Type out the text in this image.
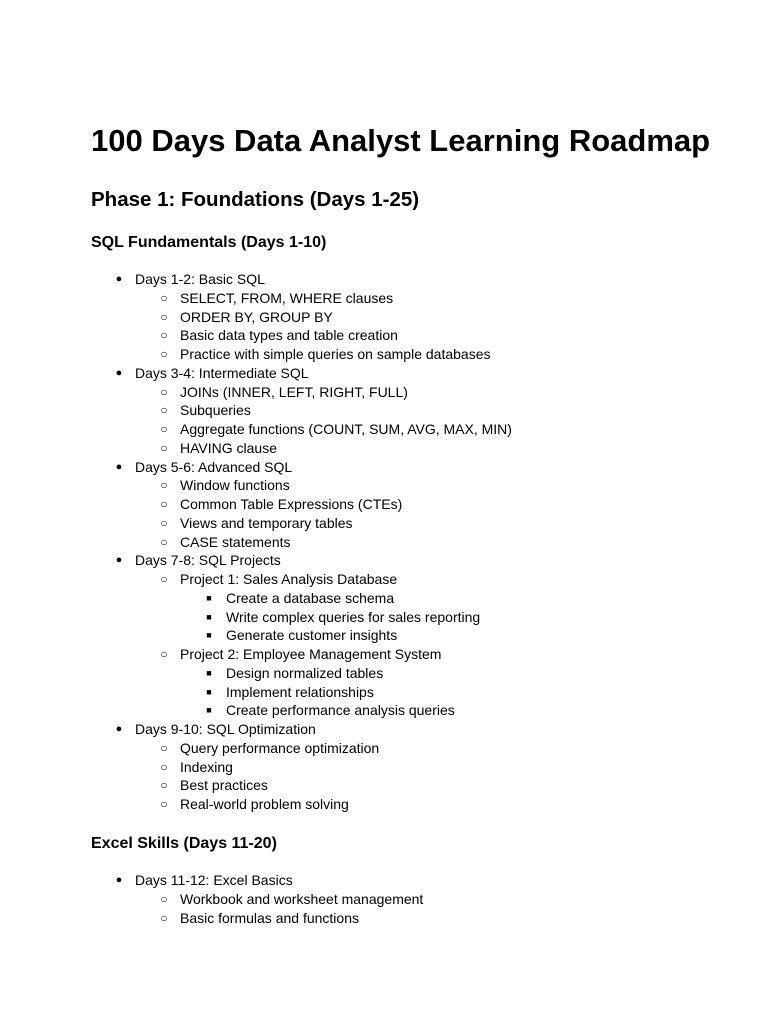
100 Days Data Analyst Learning Roadmap
Phase 1: Foundations (Days 1-25)
SQL Fundamentals (Days 1-10)
● Days 1-2: Basic SQL
○ SELECT, FROM, WHERE clauses
○ ORDER BY, GROUP BY
○ Basic data types and table creation
○ Practice with simple queries on sample databases
● Days 3-4: Intermediate SQL
○ JOINs (INNER, LEFT, RIGHT, FULL)
○ Subqueries
○ Aggregate functions (COUNT, SUM, AVG, MAX, MIN)
○ HAVING clause
● Days 5-6: Advanced SQL
○ Window functions
○ Common Table Expressions (CTEs)
○ Views and temporary tables
○ CASE statements
● Days 7-8: SQL Projects
○ Project 1: Sales Analysis Database
■	Create a database schema
■	Write complex queries for sales reporting
■	Generate customer insights
○ Project 2: Employee Management System
■	Design normalized tables
■	Implement relationships
■	Create performance analysis queries
● Days 9-10: SQL Optimization
○ Query performance optimization
○ Indexing
○ Best practices
○ Real-world problem solving
Excel Skills (Days 11-20)
● Days 11-12: Excel Basics
○ Workbook and worksheet management
○ Basic formulas and functions
